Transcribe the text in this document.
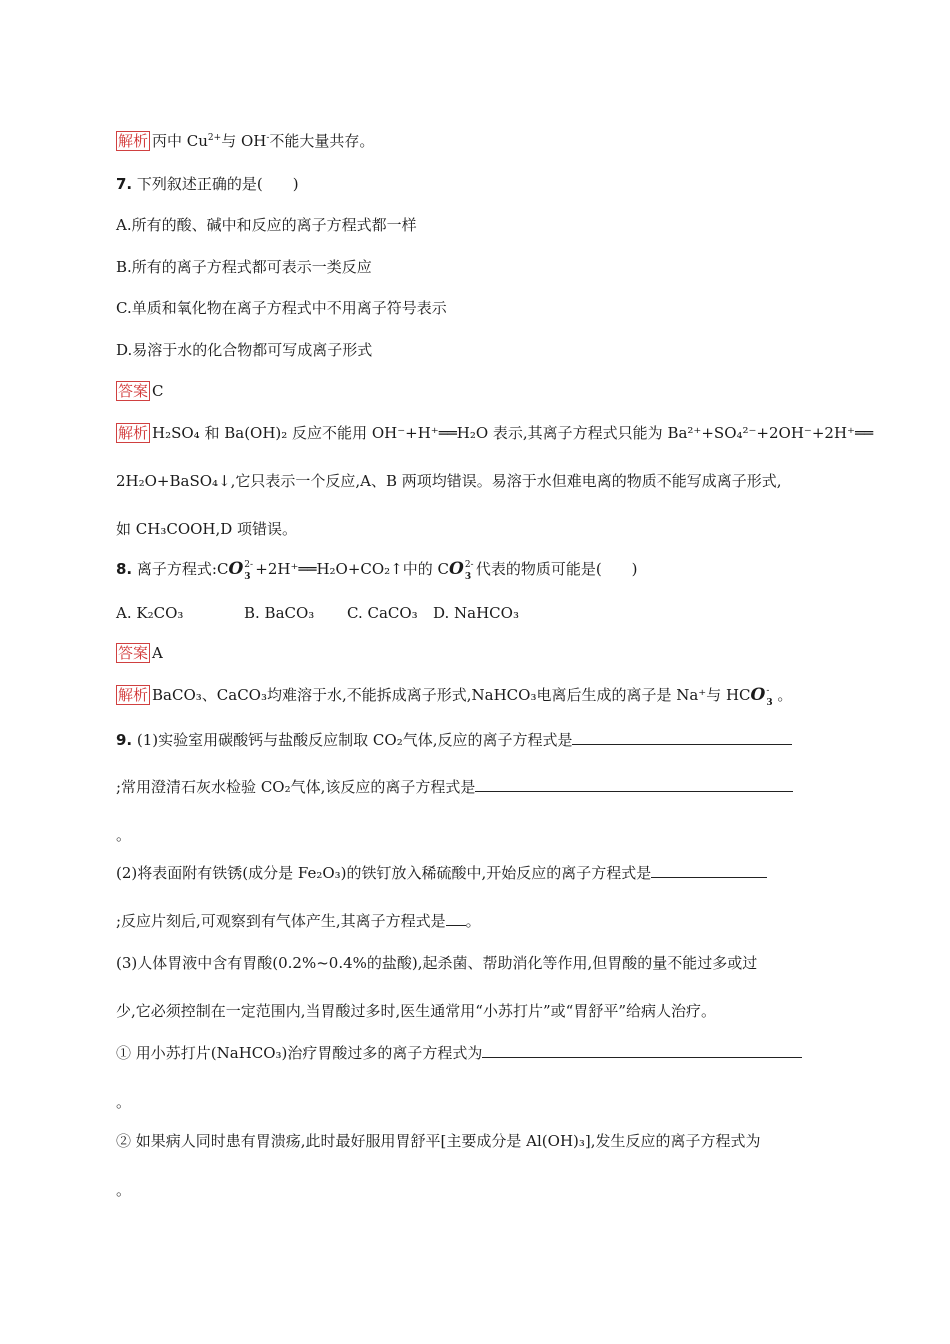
解析 丙中 $Cu^{2+}$与 OH-不能大量共存。
7. 下列叙述正确的是(　　)
A.所有的酸、碱中和反应的离子方程式都一样
B.所有的离子方程式都可表示一类反应
C.单质和氧化物在离子方程式中不用离子符号表示
D.易溶于水的化合物都可写成离子形式
答案 C
解析 H₂SO₄ 和 Ba(OH)₂ 反应不能用 OH⁻+H⁺══H₂O 表示,其离子方程式只能为 Ba²⁺+SO₄²⁻+2OH⁻+2H⁺══
2H₂O+BaSO₄↓,它只表示一个反应,A、B 两项均错误。易溶于水但难电离的物质不能写成离子形式,
如 CH₃COOH,D 项错误。
8. 离子方程式:CO 2-
3 +2H⁺══H₂O+CO₂↑中的 CO 2-
3 代表的物质可能是(　　)
A. K₂CO₃	B. BaCO₃ C. CaCO₃ D. NaHCO₃
答案 A
解析 BaCO₃、CaCO₃均难溶于水,不能拆成离子形式,NaHCO₃电离后生成的离子是 Na⁺与 HCO -
3 。
9. (1)实验室用碳酸钙与盐酸反应制取 CO₂气体,反应的离子方程式是
;常用澄清石灰水检验 CO₂气体,该反应的离子方程式是
。
(2)将表面附有铁锈(成分是 Fe₂O₃)的铁钉放入稀硫酸中,开始反应的离子方程式是
;反应片刻后,可观察到有气体产生,其离子方程式是 。
(3)人体胃液中含有胃酸(0.2%~0.4%的盐酸),起杀菌、帮助消化等作用,但胃酸的量不能过多或过
少,它必须控制在一定范围内,当胃酸过多时,医生通常用“小苏打片”或“胃舒平”给病人治疗。
① 用小苏打片(NaHCO₃)治疗胃酸过多的离子方程式为
。
② 如果病人同时患有胃溃疡,此时最好服用胃舒平[主要成分是 Al(OH)₃],发生反应的离子方程式为
。
